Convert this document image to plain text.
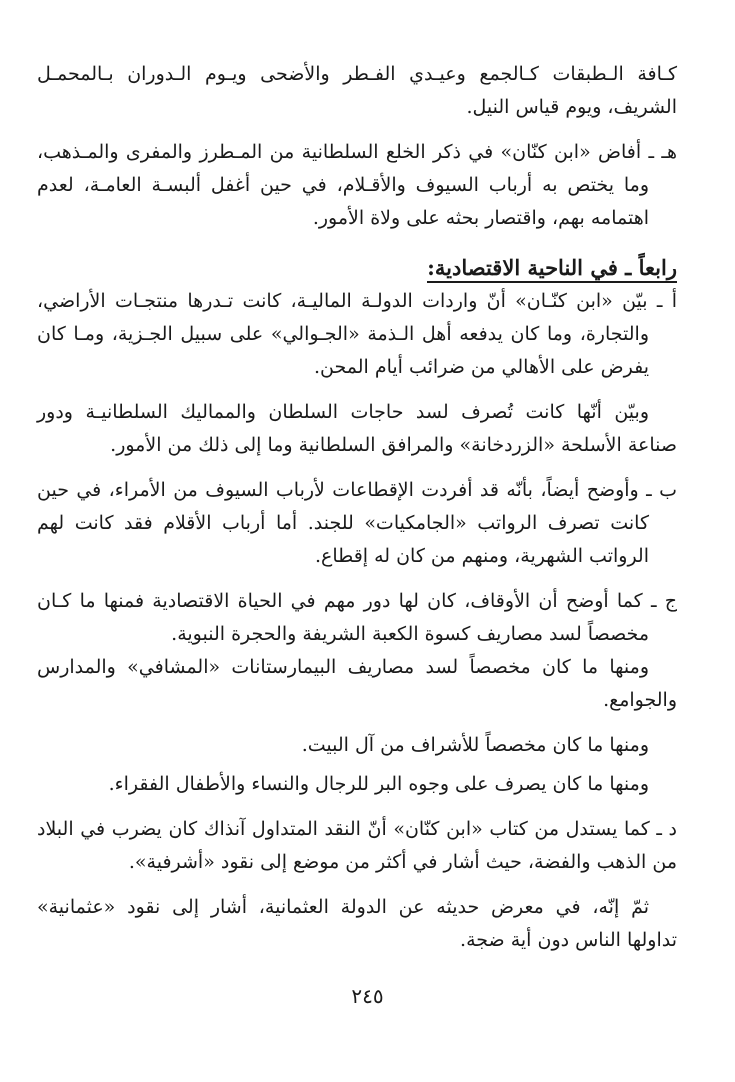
كـافة الـطبقات كـالجمع وعيـدي الفـطر والأضحى ويـوم الـدوران بـالمحمـل
الشريف، ويوم قياس النيل.
هـ ـ أفاض «ابن كنّان» في ذكر الخلع السلطانية من المـطرز والمفرى والمـذهب،
وما يختص به أرباب السيوف والأقـلام، في حين أغفل ألبسـة العامـة، لعدم
اهتمامه بهم، واقتصار بحثه على ولاة الأمور.
رابعاً ـ في الناحية الاقتصادية:
أ ـ بيّن «ابن كنّـان» أنّ واردات الدولـة الماليـة، كانت تـدرها منتجـات الأراضي،
والتجارة، وما كان يدفعه أهل الـذمة «الجـوالي» على سبيل الجـزية، ومـا كان
يفرض على الأهالي من ضرائب أيام المحن.
وبيّن أنّها كانت تُصرف لسد حاجات السلطان والمماليك السلطانيـة ودور
صناعة الأسلحة «الزردخانة» والمرافق السلطانية وما إلى ذلك من الأمور.
ب ـ وأوضح أيضاً، بأنّه قد أفردت الإقطاعات لأرباب السيوف من الأمراء، في حين
كانت تصرف الرواتب «الجامكيات» للجند. أما أرباب الأقلام فقد كانت لهم
الرواتب الشهرية، ومنهم من كان له إقطاع.
ج ـ كما أوضح أن الأوقاف، كان لها دور مهم في الحياة الاقتصادية فمنها ما كـان
مخصصاً لسد مصاريف كسوة الكعبة الشريفة والحجرة النبوية.
ومنها ما كان مخصصاً لسد مصاريف البيمارستانات «المشافي» والمدارس
والجوامع.
ومنها ما كان مخصصاً للأشراف من آل البيت.
ومنها ما كان يصرف على وجوه البر للرجال والنساء والأطفال الفقراء.
د ـ كما يستدل من كتاب «ابن كنّان» أنّ النقد المتداول آنذاك كان يضرب في البلاد
من الذهب والفضة، حيث أشار في أكثر من موضع إلى نقود «أشرفية».
ثمّ إنّه، في معرض حديثه عن الدولة العثمانية، أشار إلى نقود «عثمانية»
تداولها الناس دون أية ضجة.
٢٤٥
